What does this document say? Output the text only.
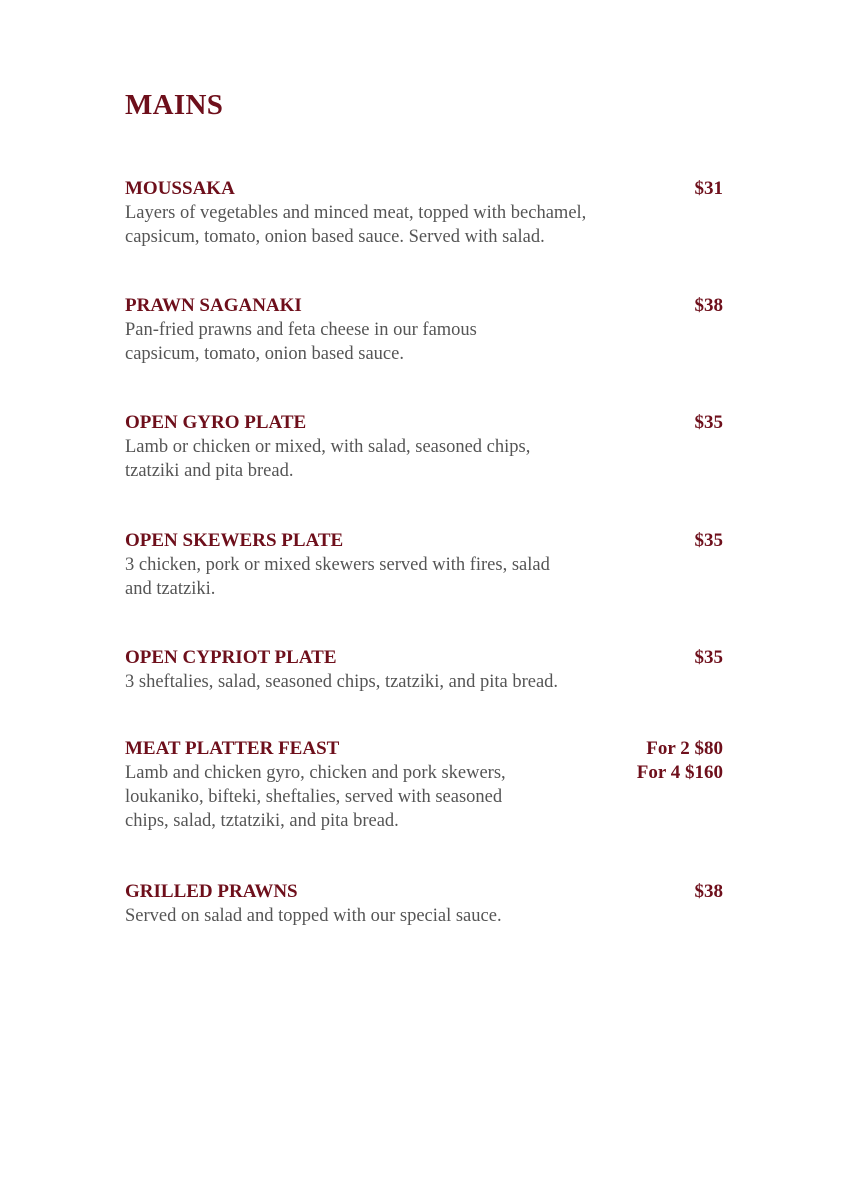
MAINS
MOUSSAKA	$31
Layers of vegetables and minced meat, topped with bechamel,
capsicum, tomato, onion based sauce. Served with salad.
PRAWN SAGANAKI	$38
Pan-fried prawns and feta cheese in our famous
capsicum, tomato, onion based sauce.
OPEN GYRO PLATE	$35
Lamb or chicken or mixed, with salad, seasoned chips,
tzatziki and pita bread.
OPEN SKEWERS PLATE	$35
3 chicken, pork or mixed skewers served with fires, salad
and tzatziki.
OPEN CYPRIOT PLATE	$35
3 sheftalies, salad, seasoned chips, tzatziki, and pita bread.
MEAT PLATTER FEAST	For 2 $80
For 4 $160
Lamb and chicken gyro, chicken and pork skewers,
loukaniko, bifteki, sheftalies, served with seasoned
chips, salad, tztatziki, and pita bread.
GRILLED PRAWNS	$38
Served on salad and topped with our special sauce.
